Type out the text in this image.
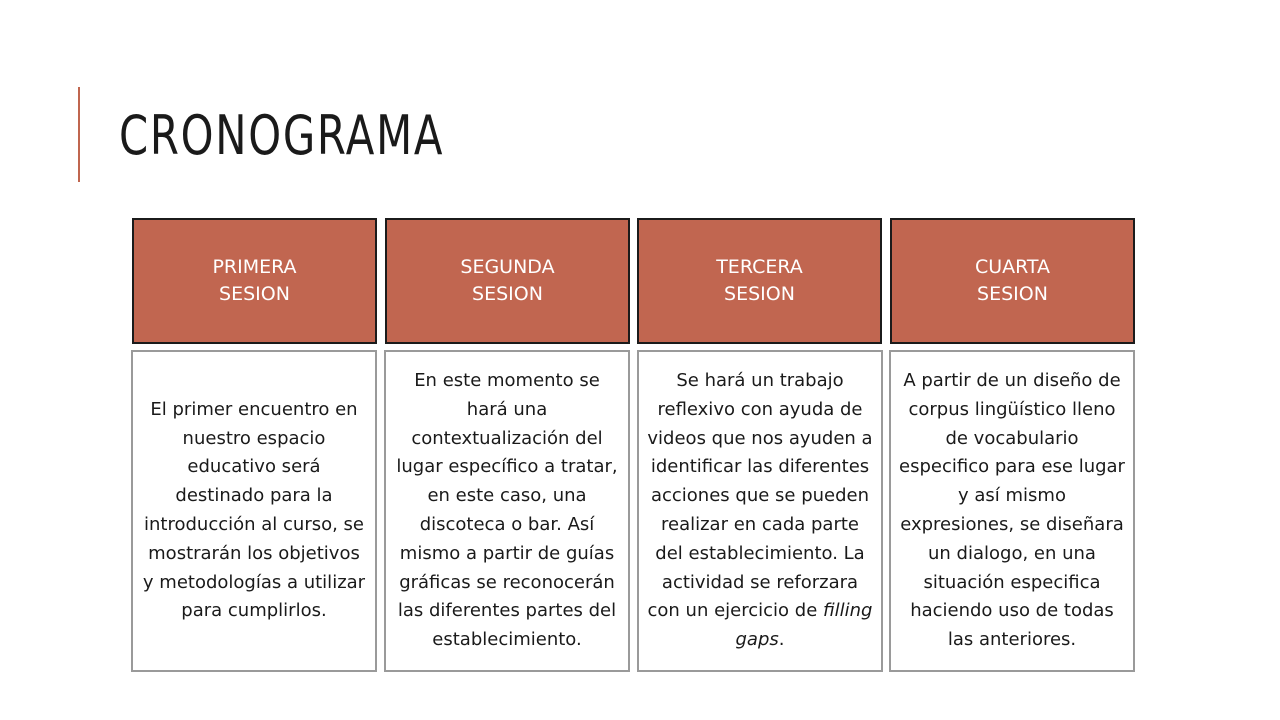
CRONOGRAMA
PRIMERA
SESION
SEGUNDA
SESION
TERCERA
SESION
CUARTA
SESION

El primer encuentro en nuestro espacio educativo será destinado para la introducción al curso, se mostrarán los objetivos y metodologías a utilizar para cumplirlos.

En este momento se hará una contextualización del lugar específico a tratar, en este caso, una discoteca o bar. Así mismo a partir de guías gráficas se reconocerán las diferentes partes del establecimiento.

Se hará un trabajo reflexivo con ayuda de videos que nos ayuden a identificar las diferentes acciones que se pueden realizar en cada parte del establecimiento. La actividad se reforzara con un ejercicio de filling gaps.

A partir de un diseño de corpus lingüístico lleno de vocabulario especifico para ese lugar y así mismo expresiones, se diseñara un dialogo, en una situación especifica haciendo uso de todas las anteriores.
